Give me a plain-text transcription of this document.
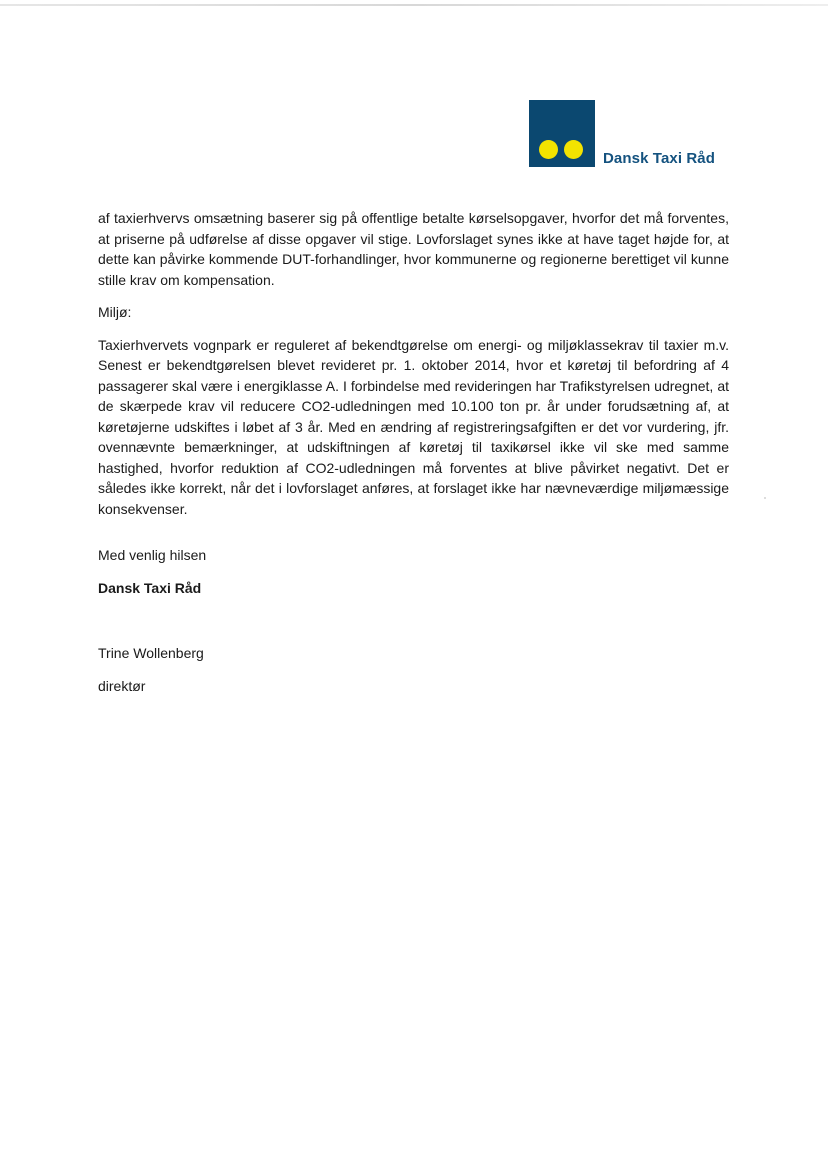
Dansk Taxi Råd

af taxierhvervs omsætning baserer sig på offentlige betalte kørselsopgaver, hvorfor det må forventes, at priserne på udførelse af disse opgaver vil stige. Lovforslaget synes ikke at have taget højde for, at dette kan påvirke kommende DUT-forhandlinger, hvor kommunerne og regionerne berettiget vil kunne stille krav om kompensation.

Miljø:

Taxierhvervets vognpark er reguleret af bekendtgørelse om energi- og miljøklassekrav til taxier m.v. Senest er bekendtgørelsen blevet revideret pr. 1. oktober 2014, hvor et køretøj til befordring af 4 passagerer skal være i energiklasse A. I forbindelse med revideringen har Trafikstyrelsen udregnet, at de skærpede krav vil reducere CO2-udledningen med 10.100 ton pr. år under forudsætning af, at køretøjerne udskiftes i løbet af 3 år. Med en ændring af registreringsafgiften er det vor vurdering, jfr. ovennævnte bemærkninger, at udskiftningen af køretøj til taxikørsel ikke vil ske med samme hastighed, hvorfor reduktion af CO2-udledningen må forventes at blive påvirket negativt. Det er således ikke korrekt, når det i lovforslaget anføres, at forslaget ikke har nævneværdige miljømæssige konsekvenser.

Med venlig hilsen
Dansk Taxi Råd
Trine Wollenberg
direktør
